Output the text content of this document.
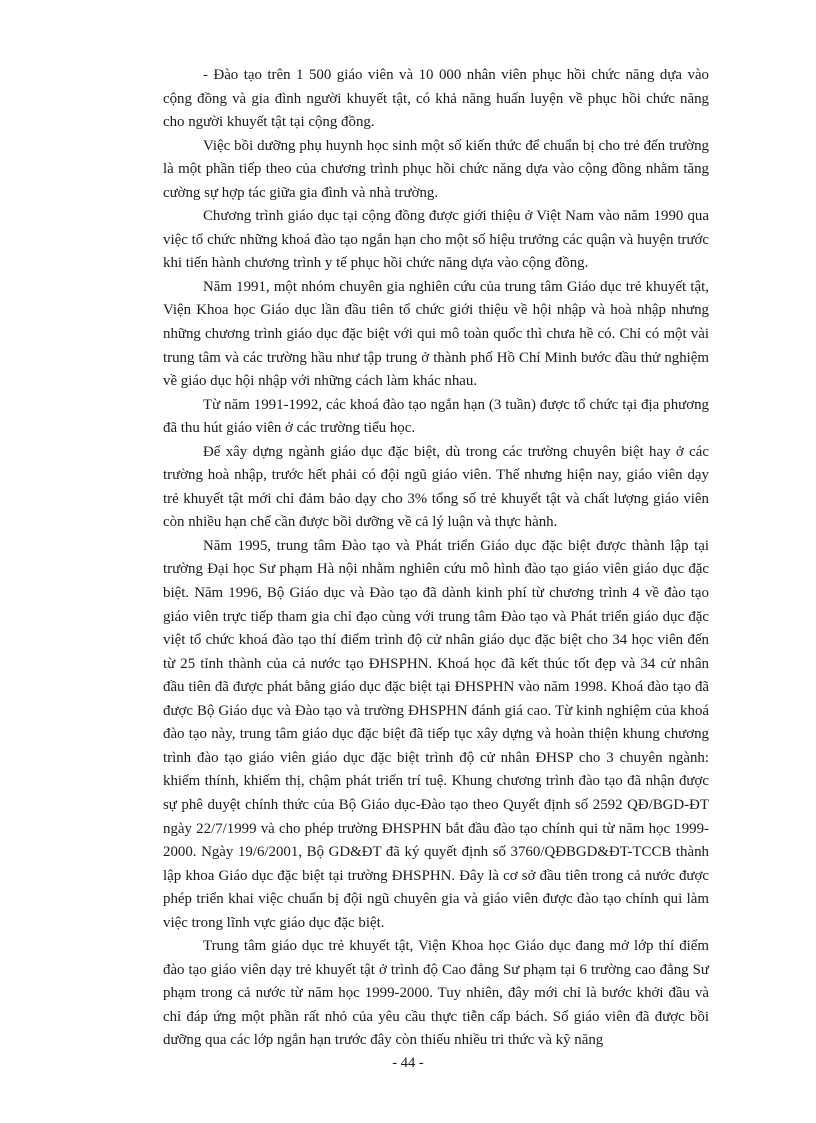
- Đào tạo trên 1 500 giáo viên và 10 000 nhân viên phục hồi chức năng dựa vào cộng đồng và gia đình người khuyết tật, có khả năng huấn luyện về phục hồi chức năng cho người khuyết tật tại cộng đồng.

Việc bồi dưỡng phụ huynh học sinh một số kiến thức để chuẩn bị cho trẻ đến trường là một phần tiếp theo của chương trình phục hồi chức năng dựa vào cộng đồng nhằm tăng cường sự hợp tác giữa gia đình và nhà trường.

Chương trình giáo dục tại cộng đồng được giới thiệu ở Việt Nam vào năm 1990 qua việc tổ chức những khoá đào tạo ngắn hạn cho một số hiệu trưởng các quận và huyện trước khi tiến hành chương trình y tế phục hồi chức năng dựa vào cộng đồng.

Năm 1991, một nhóm chuyên gia nghiên cứu của trung tâm Giáo dục trẻ khuyết tật, Viện Khoa học Giáo dục lần đầu tiên tổ chức giới thiệu về hội nhập và hoà nhập nhưng những chương trình giáo dục đặc biệt với qui mô toàn quốc thì chưa hề có. Chỉ có một vài trung tâm và các trường hầu như tập trung ở thành phố Hồ Chí Minh bước đầu thử nghiệm về giáo dục hội nhập với những cách làm khác nhau.

Từ năm 1991-1992, các khoá đào tạo ngắn hạn (3 tuần) được tổ chức tại địa phương đã thu hút giáo viên ở các trường tiểu học.

Để xây dựng ngành giáo dục đặc biệt, dù trong các trường chuyên biệt hay ở các trường hoà nhập, trước hết phải có đội ngũ giáo viên. Thế nhưng hiện nay, giáo viên dạy trẻ khuyết tật mới chỉ đảm bảo dạy cho 3% tổng số trẻ khuyết tật và chất lượng giáo viên còn nhiều hạn chế cần được bồi dưỡng về cả lý luận và thực hành.

Năm 1995, trung tâm Đào tạo và Phát triển Giáo dục đặc biệt được thành lập tại trường Đại học Sư phạm Hà nội nhằm nghiên cứu mô hình đào tạo giáo viên giáo dục đặc biệt. Năm 1996, Bộ Giáo dục và Đào tạo đã dành kinh phí từ chương trình 4 về đào tạo giáo viên trực tiếp tham gia chỉ đạo cùng với trung tâm Đào tạo và Phát triển giáo dục đặc việt tổ chức khoá đào tạo thí điểm trình độ cử nhân giáo dục đặc biệt cho 34 học viên đến từ 25 tỉnh thành của cả nước tạo ĐHSPHN. Khoá học đã kết thúc tốt đẹp và 34 cử nhân đầu tiên đã được phát bằng giáo dục đặc biệt tại ĐHSPHN vào năm 1998. Khoá đào tạo đã được Bộ Giáo dục và Đào tạo và trường ĐHSPHN đánh giá cao. Từ kinh nghiệm của khoá đào tạo này, trung tâm giáo dục đặc biệt đã tiếp tục xây dựng và hoàn thiện khung chương trình đào tạo giáo viên giáo dục đặc biệt trình độ cử nhân ĐHSP cho 3 chuyên ngành: khiếm thính, khiếm thị, chậm phát triển trí tuệ. Khung chương trình đào tạo đã nhận được sự phê duyệt chính thức của Bộ Giáo dục-Đào tạo theo Quyết định số 2592 QĐ/BGD-ĐT ngày 22/7/1999 và cho phép trường ĐHSPHN bắt đầu đào tạo chính qui từ năm học 1999-2000. Ngày 19/6/2001, Bộ GD&ĐT đã ký quyết định số 3760/QĐBGD&ĐT-TCCB thành lập khoa Giáo dục đặc biệt tại trường ĐHSPHN. Đây là cơ sở đầu tiên trong cả nước được phép triển khai việc chuẩn bị đội ngũ chuyên gia và giáo viên được đào tạo chính qui làm việc trong lĩnh vực giáo dục đặc biệt.

Trung tâm giáo dục trẻ khuyết tật, Viện Khoa học Giáo dục đang mở lớp thí điểm đào tạo giáo viên dạy trẻ khuyết tật ở trình độ Cao đẳng Sư phạm tại 6 trường cao đẳng Sư phạm trong cả nước từ năm học 1999-2000. Tuy nhiên, đây mới chỉ là bước khởi đầu và chỉ đáp ứng một phần rất nhỏ của yêu cầu thực tiễn cấp bách. Số giáo viên đã được bồi dưỡng qua các lớp ngắn hạn trước đây còn thiếu nhiều tri thức và kỹ năng

- 44 -
